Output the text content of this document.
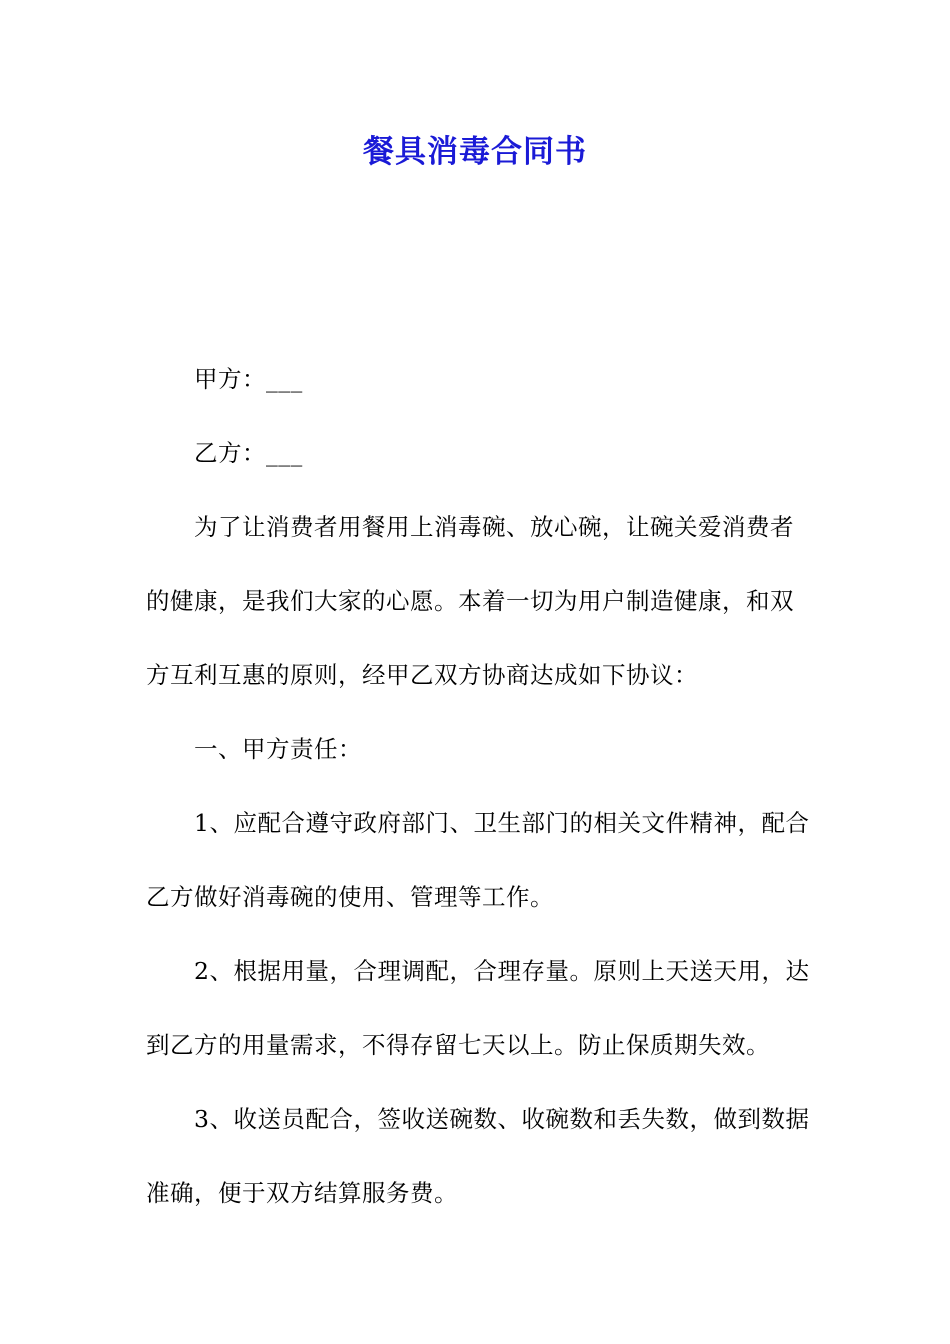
餐具消毒合同书
甲方：___
乙方：___
为了让消费者用餐用上消毒碗、放心碗，让碗关爱消费者
的健康，是我们大家的心愿。本着一切为用户制造健康，和双
方互利互惠的原则，经甲乙双方协商达成如下协议：
一、甲方责任：
1、应配合遵守政府部门、卫生部门的相关文件精神，配合
乙方做好消毒碗的使用、管理等工作。
2、根据用量，合理调配，合理存量。原则上天送天用，达
到乙方的用量需求，不得存留七天以上。防止保质期失效。
3、收送员配合，签收送碗数、收碗数和丢失数，做到数据
准确，便于双方结算服务费。
